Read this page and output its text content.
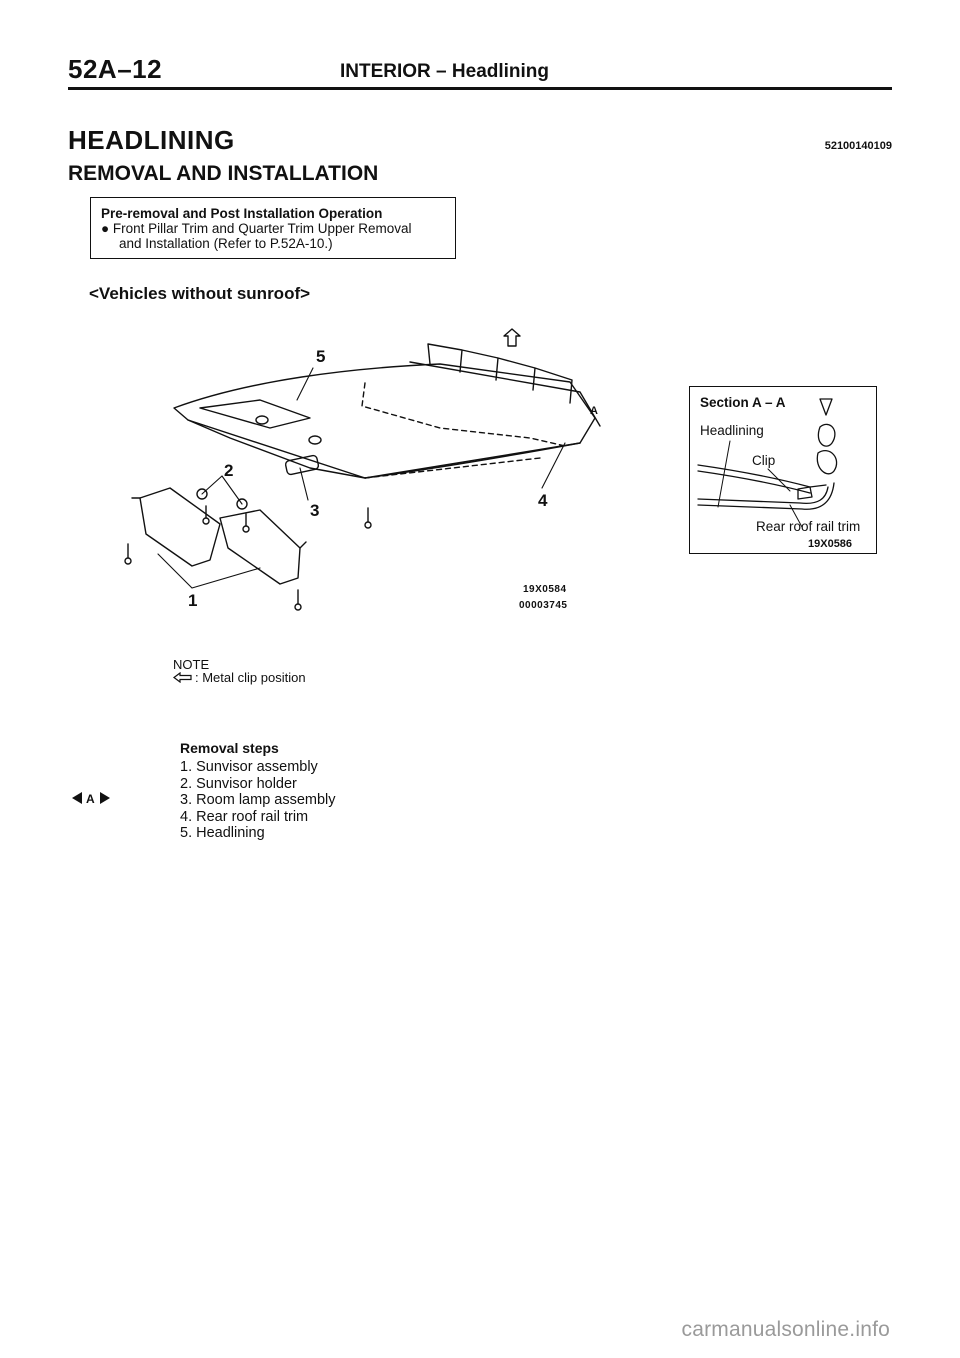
52A–12	INTERIOR – Headlining
HEADLINING	52100140109
REMOVAL AND INSTALLATION
Pre-removal and Post Installation Operation
● Front Pillar Trim and Quarter Trim Upper Removal
and Installation (Refer to P.52A-10.)
<Vehicles without sunroof>
5
2
3
4
1
A
19X0584
00003745
Section A – A
Headlining
Clip
Rear roof rail trim
19X0586
NOTE
: Metal clip position
Removal steps
A
1. Sunvisor assembly
2. Sunvisor holder
3. Room lamp assembly
4. Rear roof rail trim
5. Headlining
carmanualsonline.info
